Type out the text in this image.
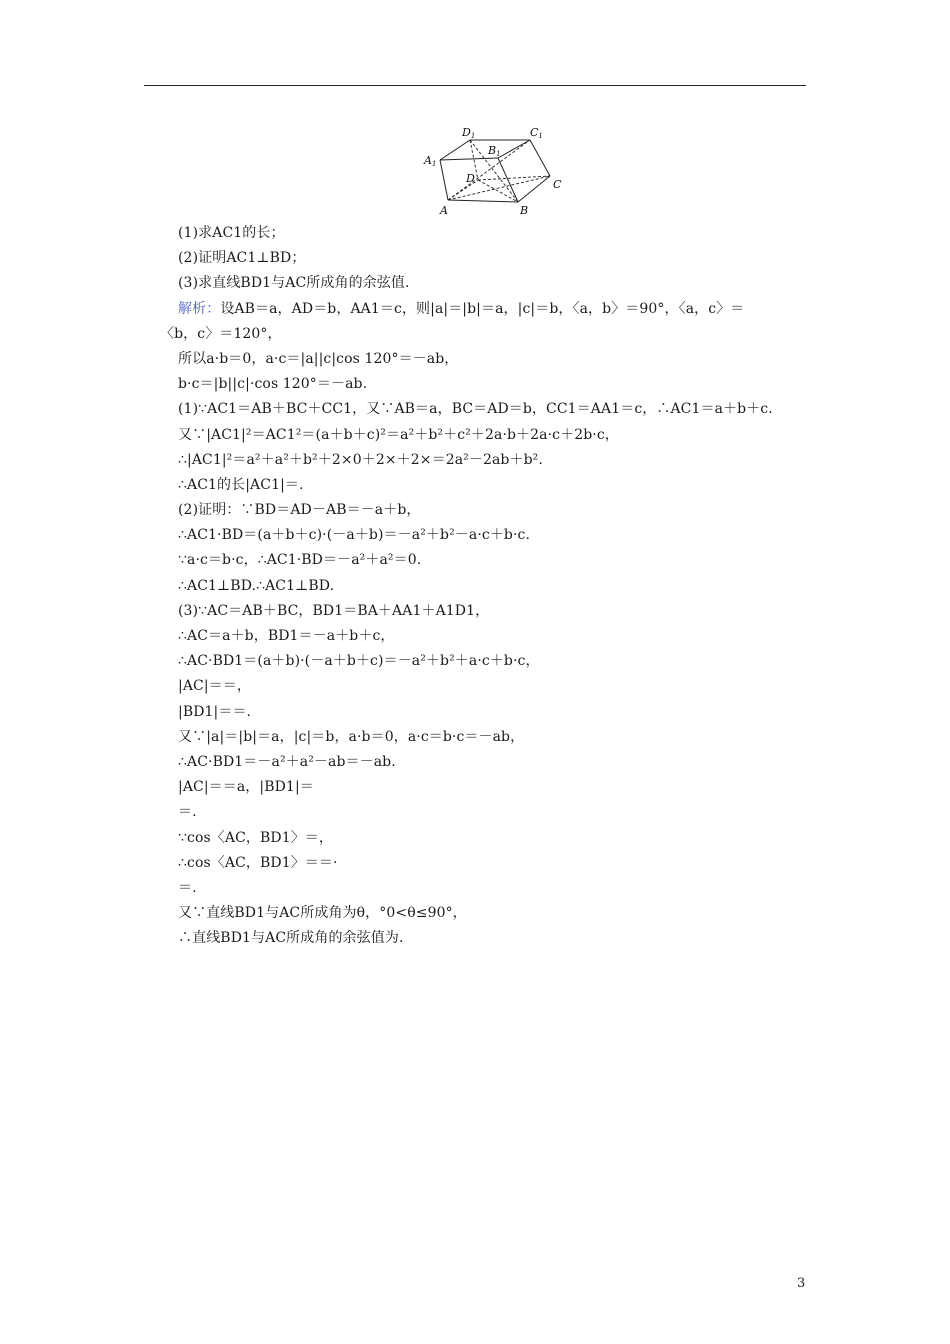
D1	C1
A1
B1
D	C
A	B
(1)求AC1的长；
(2)证明AC1⊥BD；
(3)求直线BD1与AC所成角的余弦值.
解析：设AB＝a，AD＝b，AA1＝c，则|a|＝|b|＝a，|c|＝b，〈a，b〉＝90°，〈a，c〉＝
〈b，c〉＝120°，
所以a·b＝0，a·c＝|a||c|cos 120°＝－ab，
b·c＝|b||c|·cos 120°＝－ab.
(1)∵AC1＝AB＋BC＋CC1，又∵AB＝a，BC＝AD＝b，CC1＝AA1＝c，∴AC1＝a＋b＋c.
又∵|AC1|²＝AC1²＝(a＋b＋c)²＝a²＋b²＋c²＋2a·b＋2a·c＋2b·c，
∴|AC1|²＝a²＋a²＋b²＋2×0＋2×＋2×＝2a²－2ab＋b².
∴AC1的长|AC1|＝.
(2)证明：∵BD＝AD－AB＝－a＋b，
∴AC1·BD＝(a＋b＋c)·(－a＋b)＝－a²＋b²－a·c＋b·c.
∵a·c＝b·c，∴AC1·BD＝－a²＋a²＝0.
∴AC1⊥BD.∴AC1⊥BD.
(3)∵AC＝AB＋BC，BD1＝BA＋AA1＋A1D1，
∴AC＝a＋b，BD1＝－a＋b＋c，
∴AC·BD1＝(a＋b)·(－a＋b＋c)＝－a²＋b²＋a·c＋b·c，
|AC|＝＝，
|BD1|＝＝.
又∵|a|＝|b|＝a，|c|＝b，a·b＝0，a·c＝b·c＝－ab，
∴AC·BD1＝－a²＋a²－ab＝－ab.
|AC|＝＝a，|BD1|＝
＝.
∵cos〈AC，BD1〉＝，
∴cos〈AC，BD1〉＝＝·
＝.
又∵直线BD1与AC所成角为θ，°0<θ≤90°，
∴直线BD1与AC所成角的余弦值为.
3
